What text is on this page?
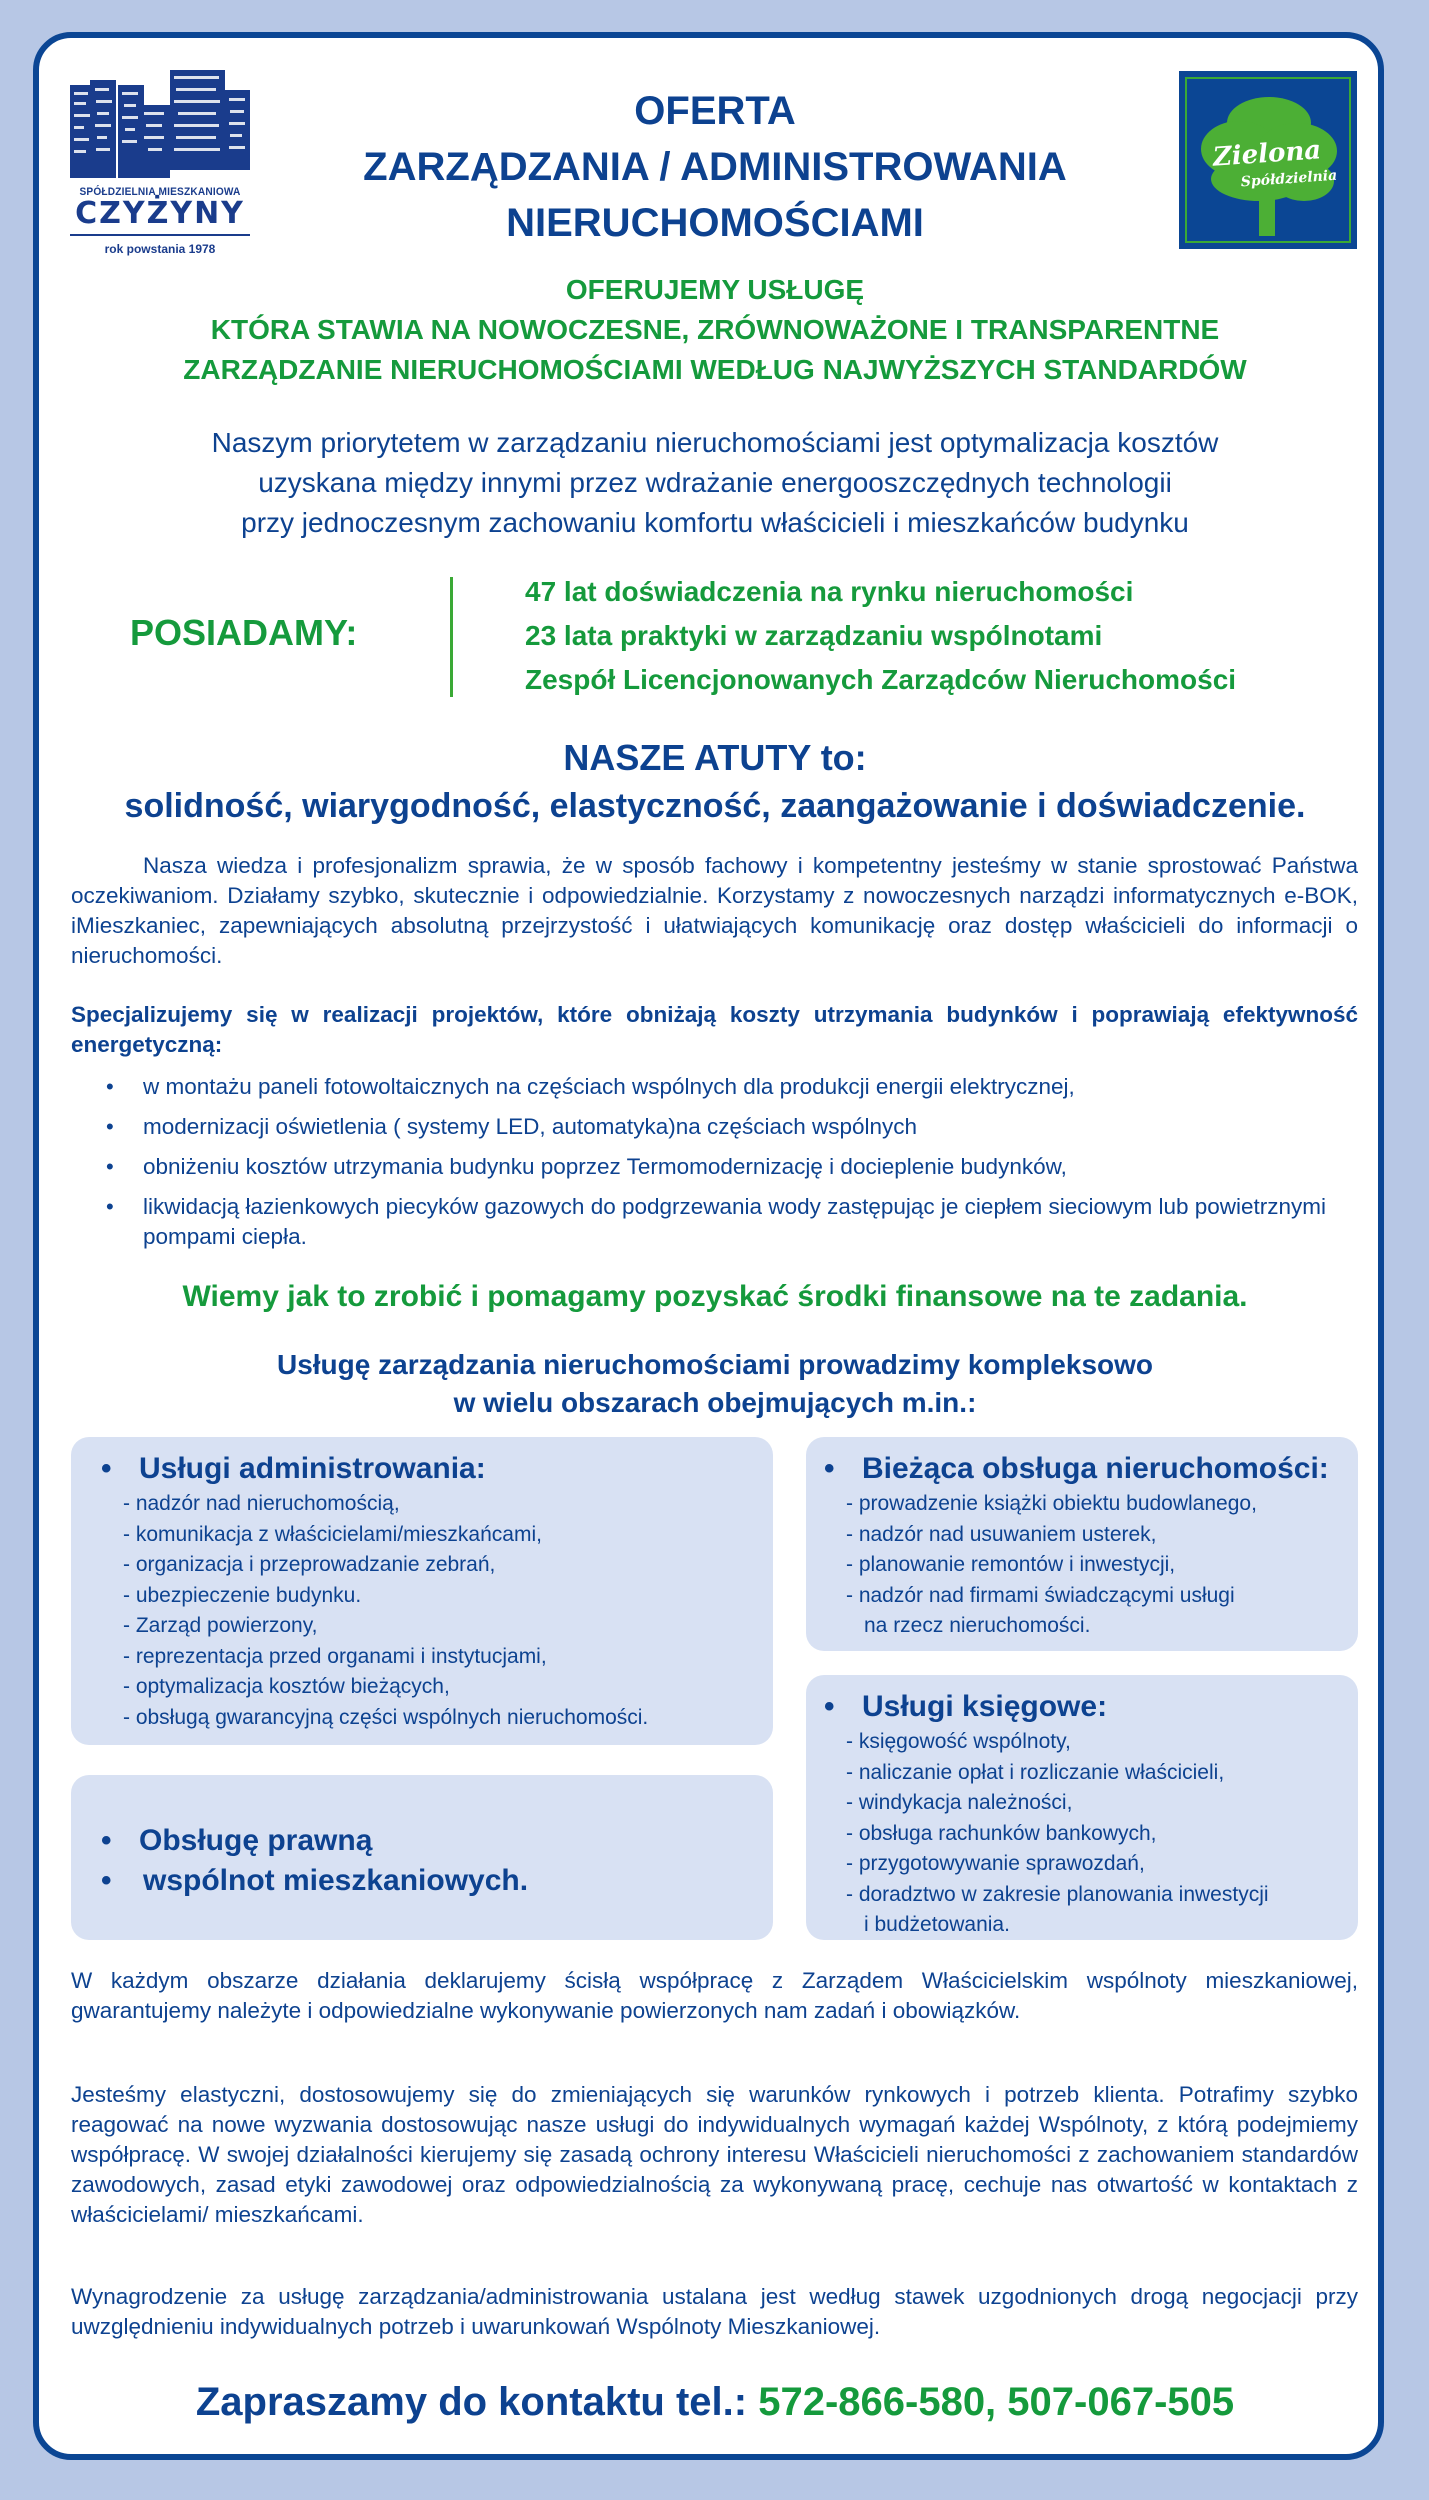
SPÓŁDZIELNIA MIESZKANIOWA
CZYŻYNY
rok powstania 1978
Zielona
Spółdzielnia
OFERTA
ZARZĄDZANIA / ADMINISTROWANIA
NIERUCHOMOŚCIAMI
OFERUJEMY USŁUGĘ
KTÓRA STAWIA NA NOWOCZESNE, ZRÓWNOWAŻONE I TRANSPARENTNE
ZARZĄDZANIE NIERUCHOMOŚCIAMI WEDŁUG NAJWYŻSZYCH STANDARDÓW
Naszym priorytetem w zarządzaniu nieruchomościami jest optymalizacja kosztów
uzyskana między innymi przez wdrażanie energooszczędnych technologii
przy jednoczesnym zachowaniu komfortu właścicieli i mieszkańców budynku
POSIADAMY:
47 lat doświadczenia na rynku nieruchomości
23 lata praktyki w zarządzaniu wspólnotami
Zespół Licencjonowanych Zarządców Nieruchomości
NASZE ATUTY to:
solidność, wiarygodność, elastyczność, zaangażowanie i doświadczenie.
Nasza wiedza i profesjonalizm sprawia, że w sposób fachowy i kompetentny jesteśmy w stanie sprostować Państwa oczekiwaniom. Działamy szybko, skutecznie i odpowiedzialnie. Korzystamy z nowoczesnych narządzi informatycznych e-BOK, iMieszkaniec, zapewniających absolutną przejrzystość i ułatwiających komunikację oraz dostęp właścicieli do informacji o nieruchomości.
Specjalizujemy się w realizacji projektów, które obniżają koszty utrzymania budynków i poprawiają efektywność energetyczną:
• w montażu paneli fotowoltaicznych na częściach wspólnych dla produkcji energii elektrycznej,
• modernizacji oświetlenia ( systemy LED, automatyka)na częściach wspólnych
• obniżeniu kosztów utrzymania budynku poprzez Termomodernizację i docieplenie budynków,
• likwidacją łazienkowych piecyków gazowych do podgrzewania wody zastępując je ciepłem sieciowym lub powietrznymi pompami ciepła.
Wiemy jak to zrobić i pomagamy pozyskać środki finansowe na te zadania.
Usługę zarządzania nieruchomościami prowadzimy kompleksowo
w wielu obszarach obejmujących m.in.:
• Usługi administrowania:
- nadzór nad nieruchomością,
- komunikacja z właścicielami/mieszkańcami,
- organizacja i przeprowadzanie zebrań,
- ubezpieczenie budynku.
- Zarząd powierzony,
- reprezentacja przed organami i instytucjami,
- optymalizacja kosztów bieżących,
- obsługą gwarancyjną części wspólnych nieruchomości.
• Obsługę prawną
• wspólnot mieszkaniowych.
• Bieżąca obsługa nieruchomości:
- prowadzenie książki obiektu budowlanego,
- nadzór nad usuwaniem usterek,
- planowanie remontów i inwestycji,
- nadzór nad firmami świadczącymi usługi
na rzecz nieruchomości.
• Usługi księgowe:
- księgowość wspólnoty,
- naliczanie opłat i rozliczanie właścicieli,
- windykacja należności,
- obsługa rachunków bankowych,
- przygotowywanie sprawozdań,
- doradztwo w zakresie planowania inwestycji
i budżetowania.
W każdym obszarze działania deklarujemy ścisłą współpracę z Zarządem Właścicielskim wspólnoty mieszkaniowej, gwarantujemy należyte i odpowiedzialne wykonywanie powierzonych nam zadań i obowiązków.
Jesteśmy elastyczni, dostosowujemy się do zmieniających się warunków rynkowych i potrzeb klienta. Potrafimy szybko reagować na nowe wyzwania dostosowując nasze usługi do indywidualnych wymagań każdej Wspólnoty, z którą podejmiemy współpracę. W swojej działalności kierujemy się zasadą ochrony interesu Właścicieli nieruchomości z zachowaniem standardów zawodowych, zasad etyki zawodowej oraz odpowiedzialnością za wykonywaną pracę, cechuje nas otwartość w kontaktach z właścicielami/ mieszkańcami.
Wynagrodzenie za usługę zarządzania/administrowania ustalana jest według stawek uzgodnionych drogą negocjacji przy uwzględnieniu indywidualnych potrzeb i uwarunkowań Wspólnoty Mieszkaniowej.
Zapraszamy do kontaktu tel.: 572-866-580, 507-067-505
